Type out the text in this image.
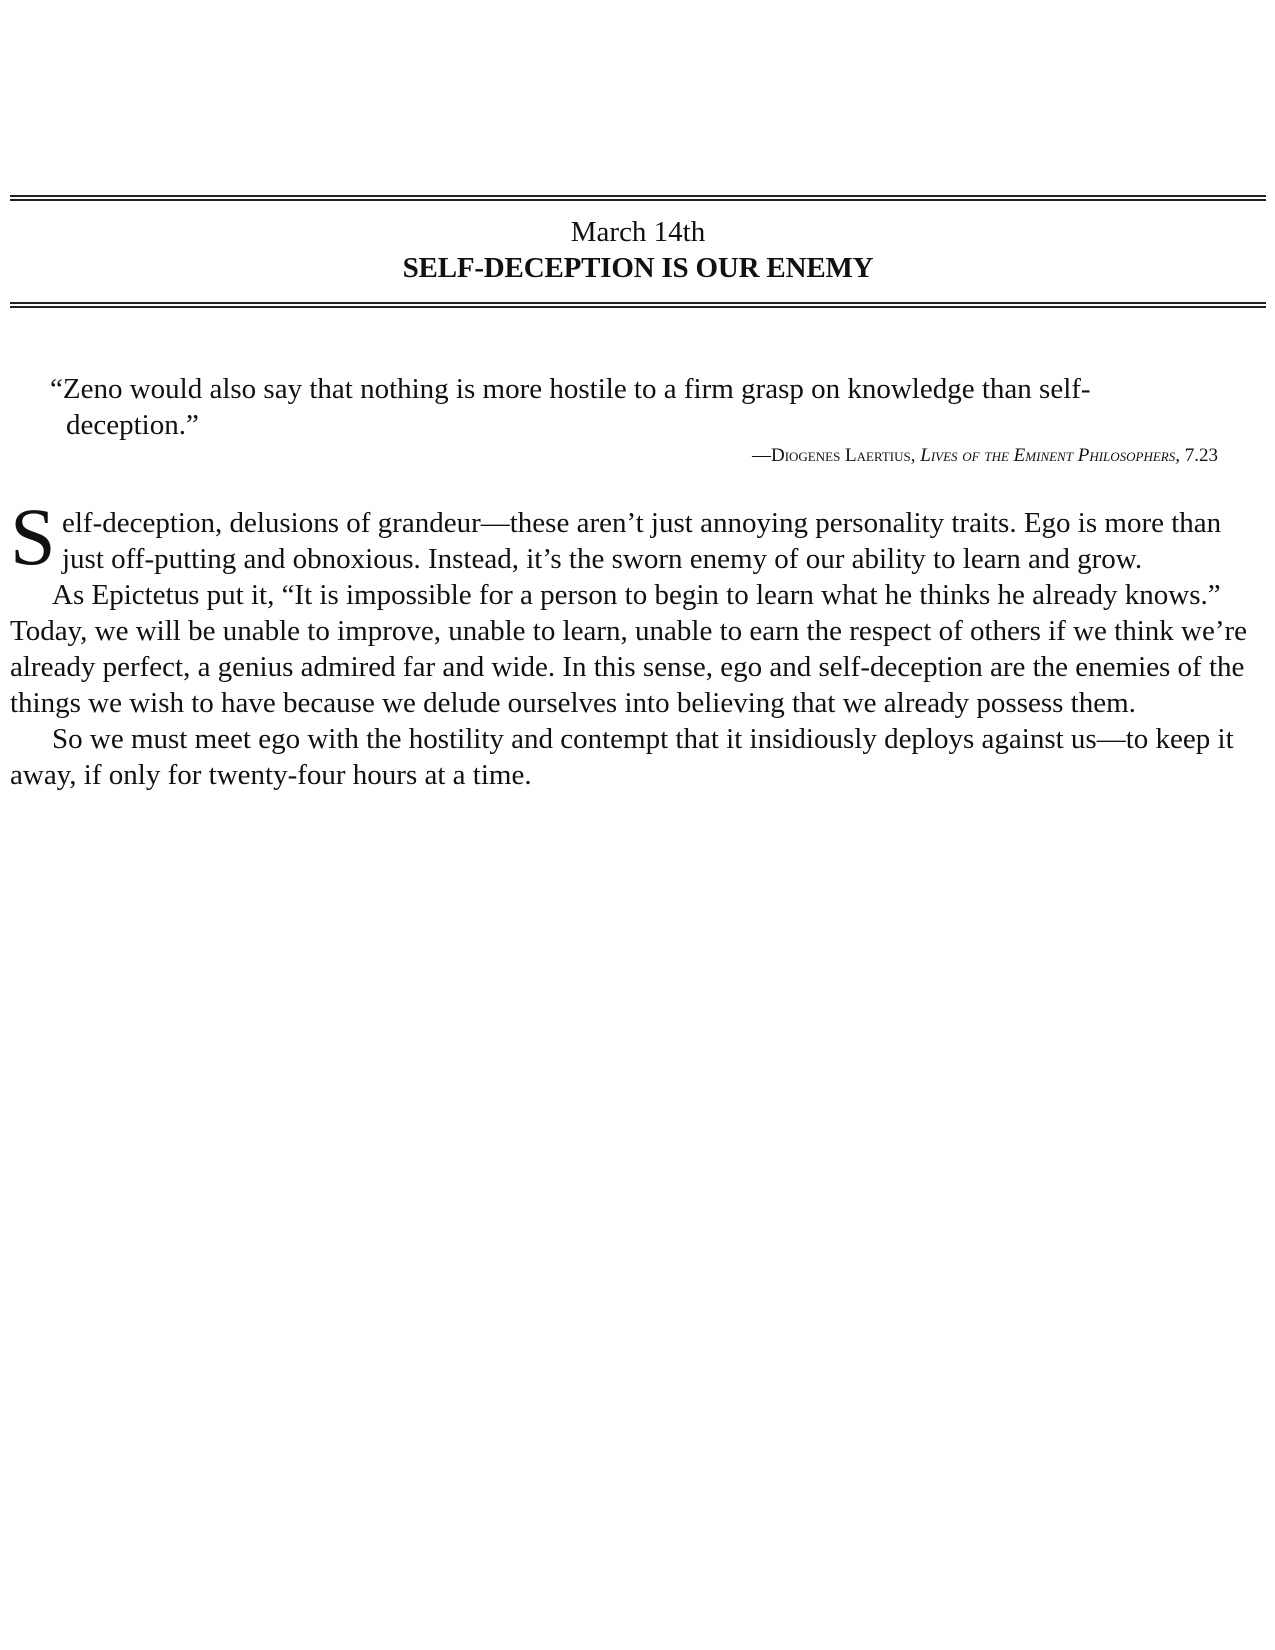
March 14th
SELF-DECEPTION IS OUR ENEMY
“Zeno would also say that nothing is more hostile to a firm grasp on knowledge than self-deception.”
—Diogenes Laertius, Lives of the Eminent Philosophers, 7.23

S elf-deception, delusions of grandeur—these aren’t just annoying personality traits. Ego is more than just off-putting and obnoxious. Instead, it’s the sworn enemy of our ability to learn and grow.

As Epictetus put it, “It is impossible for a person to begin to learn what he thinks he already knows.” Today, we will be unable to improve, unable to learn, unable to earn the respect of others if we think we’re already perfect, a genius admired far and wide. In this sense, ego and self-deception are the enemies of the things we wish to have because we delude ourselves into believing that we already possess them.

So we must meet ego with the hostility and contempt that it insidiously deploys against us—to keep it away, if only for twenty-four hours at a time.
